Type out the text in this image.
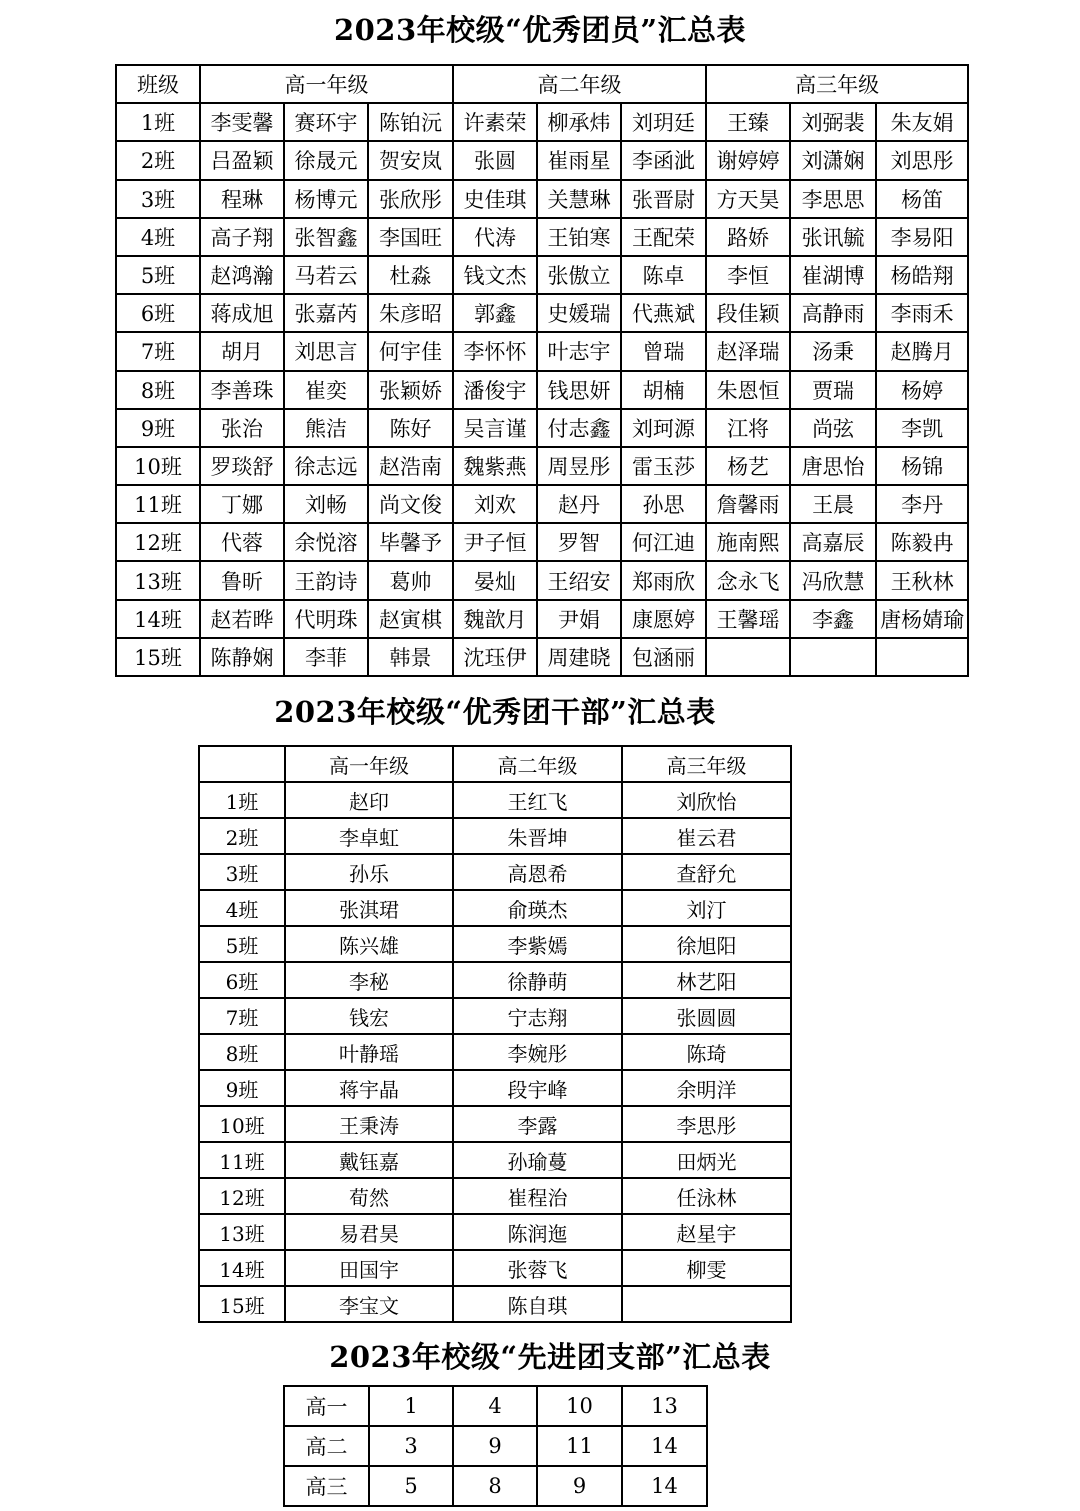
2023年校级“优秀团员”汇总表
班级	高一年级			高二年级			高三年级		
1班	李雯馨	赛环宇	陈铂沅	许素荣	柳承炜	刘玥廷	王臻	刘弼裴	朱友娟
2班	吕盈颖	徐晟元	贺安岚	张圆	崔雨星	李函泚	谢婷婷	刘潇娴	刘思彤
3班	程琳	杨博元	张欣彤	史佳琪	关慧琳	张晋尉	方天昊	李思思	杨笛
4班	高子翔	张智鑫	李国旺	代涛	王铂寒	王配荣	路娇	张讯毓	李易阳
5班	赵鸿瀚	马若云	杜淼	钱文杰	张傲立	陈卓	李恒	崔湖博	杨皓翔
6班	蒋成旭	张嘉芮	朱彦昭	郭鑫	史媛瑞	代燕斌	段佳颖	高静雨	李雨禾
7班	胡月	刘思言	何宇佳	李怀怀	叶志宇	曾瑞	赵泽瑞	汤秉	赵腾月
8班	李善珠	崔奕	张颖娇	潘俊宇	钱思妍	胡楠	朱恩恒	贾瑞	杨婷
9班	张治	熊洁	陈好	吴言谨	付志鑫	刘珂源	江将	尚弦	李凯
10班	罗琰舒	徐志远	赵浩南	魏紫燕	周昱彤	雷玉莎	杨艺	唐思怡	杨锦
11班	丁娜	刘畅	尚文俊	刘欢	赵丹	孙思	詹馨雨	王晨	李丹
12班	代蓉	余悦溶	毕馨予	尹子恒	罗智	何江迪	施南熙	高嘉辰	陈毅冉
13班	鲁昕	王韵诗	葛帅	晏灿	王绍安	郑雨欣	念永飞	冯欣慧	王秋林
14班	赵若晔	代明珠	赵寅棋	魏歆月	尹娟	康愿婷	王馨瑶	李鑫	唐杨婧瑜
15班	陈静娴	李菲	韩景	沈珏伊	周建晓	包涵丽			
2023年校级“优秀团干部”汇总表
	高一年级	高二年级	高三年级
1班	赵印	王红飞	刘欣怡
2班	李卓虹	朱晋坤	崔云君
3班	孙乐	高恩希	查舒允
4班	张淇珺	俞瑛杰	刘汀
5班	陈兴雄	李紫嫣	徐旭阳
6班	李秘	徐静萌	林艺阳
7班	钱宏	宁志翔	张圆圆
8班	叶静瑶	李婉彤	陈琦
9班	蒋宇晶	段宇峰	余明洋
10班	王秉涛	李露	李思彤
11班	戴钰嘉	孙瑜蔓	田炳光
12班	荀然	崔程治	任泳林
13班	易君昊	陈润迤	赵星宇
14班	田国宇	张蓉飞	柳雯
15班	李宝文	陈自琪	
2023年校级“先进团支部”汇总表
高一	1	4	10	13
高二	3	9	11	14
高三	5	8	9	14
